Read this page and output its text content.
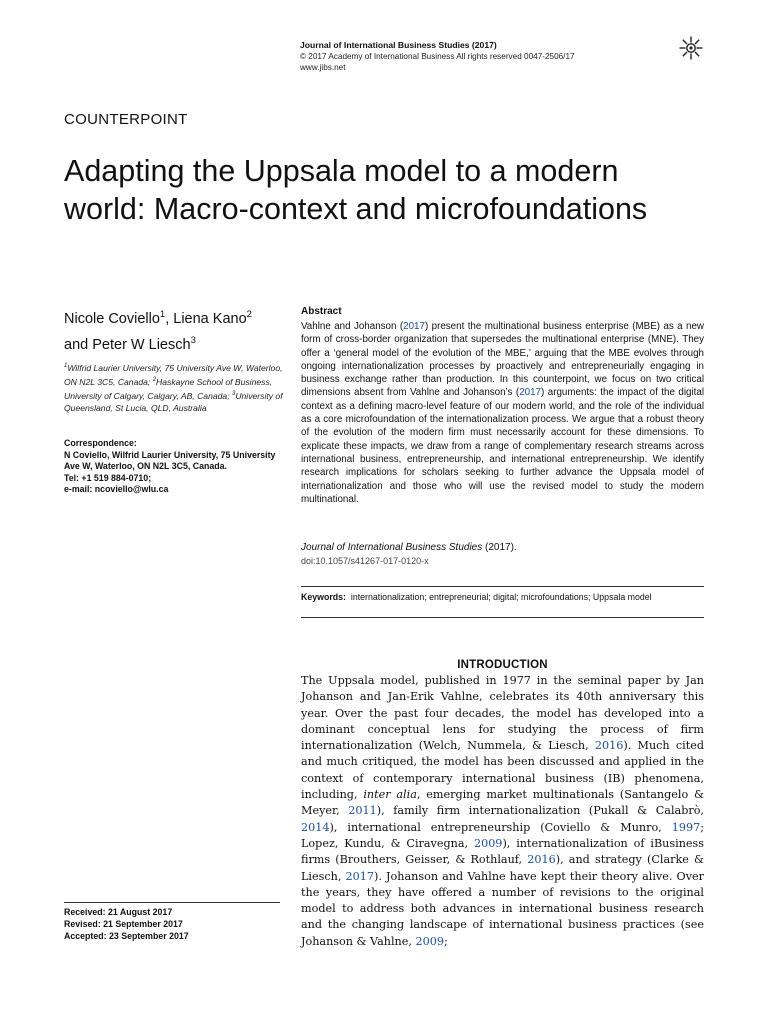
Journal of International Business Studies (2017)
© 2017 Academy of International Business All rights reserved 0047-2506/17
www.jibs.net
COUNTERPOINT
Adapting the Uppsala model to a modern
world: Macro-context and microfoundations
Nicole Coviello$^1$, Liena Kano$^2$
and Peter W Liesch$^3$
$^1$Wilfrid Laurier University, 75 University Ave W, Waterloo, ON N2L 3C5, Canada; $^2$Haskayne School of Business, University of Calgary, Calgary, AB, Canada; $^3$University of Queensland, St Lucia, QLD, Australia
Correspondence:
N Coviello, Wilfrid Laurier University, 75 University Ave W, Waterloo, ON N2L 3C5, Canada.
Tel: +1 519 884-0710;
e-mail: ncoviello@wlu.ca
Abstract
Vahlne and Johanson (2017) present the multinational business enterprise (MBE) as a new form of cross-border organization that supersedes the multinational enterprise (MNE). They offer a ‘general model of the evolution of the MBE,’ arguing that the MBE evolves through ongoing internationalization processes by proactively and entrepreneurially engaging in business exchange rather than production. In this counterpoint, we focus on two critical dimensions absent from Vahlne and Johanson’s (2017) arguments: the impact of the digital context as a defining macro-level feature of our modern world, and the role of the individual as a core microfoundation of the internationalization process. We argue that a robust theory of the evolution of the modern firm must necessarily account for these dimensions. To explicate these impacts, we draw from a range of complementary research streams across international business, entrepreneurship, and international entrepreneurship. We identify research implications for scholars seeking to further advance the Uppsala model of internationalization and those who will use the revised model to study the modern multinational.
Journal of International Business Studies (2017).
doi:10.1057/s41267-017-0120-x
Keywords: internationalization; entrepreneurial; digital; microfoundations; Uppsala model
INTRODUCTION
The Uppsala model, published in 1977 in the seminal paper by Jan Johanson and Jan-Erik Vahlne, celebrates its 40th anniversary this year. Over the past four decades, the model has developed into a dominant conceptual lens for studying the process of firm internationalization (Welch, Nummela, & Liesch, 2016). Much cited and much critiqued, the model has been discussed and applied in the context of contemporary international business (IB) phenomena, including, inter alia, emerging market multinationals (Santangelo & Meyer, 2011), family firm internationalization (Pukall & Calabrò, 2014), international entrepreneurship (Coviello & Munro, 1997; Lopez, Kundu, & Ciravegna, 2009), internationalization of iBusiness firms (Brouthers, Geisser, & Rothlauf, 2016), and strategy (Clarke & Liesch, 2017). Johanson and Vahlne have kept their theory alive. Over the years, they have offered a number of revisions to the original model to address both advances in international business research and the changing landscape of international business practices (see Johanson & Vahlne, 2009;
Received: 21 August 2017
Revised: 21 September 2017
Accepted: 23 September 2017
